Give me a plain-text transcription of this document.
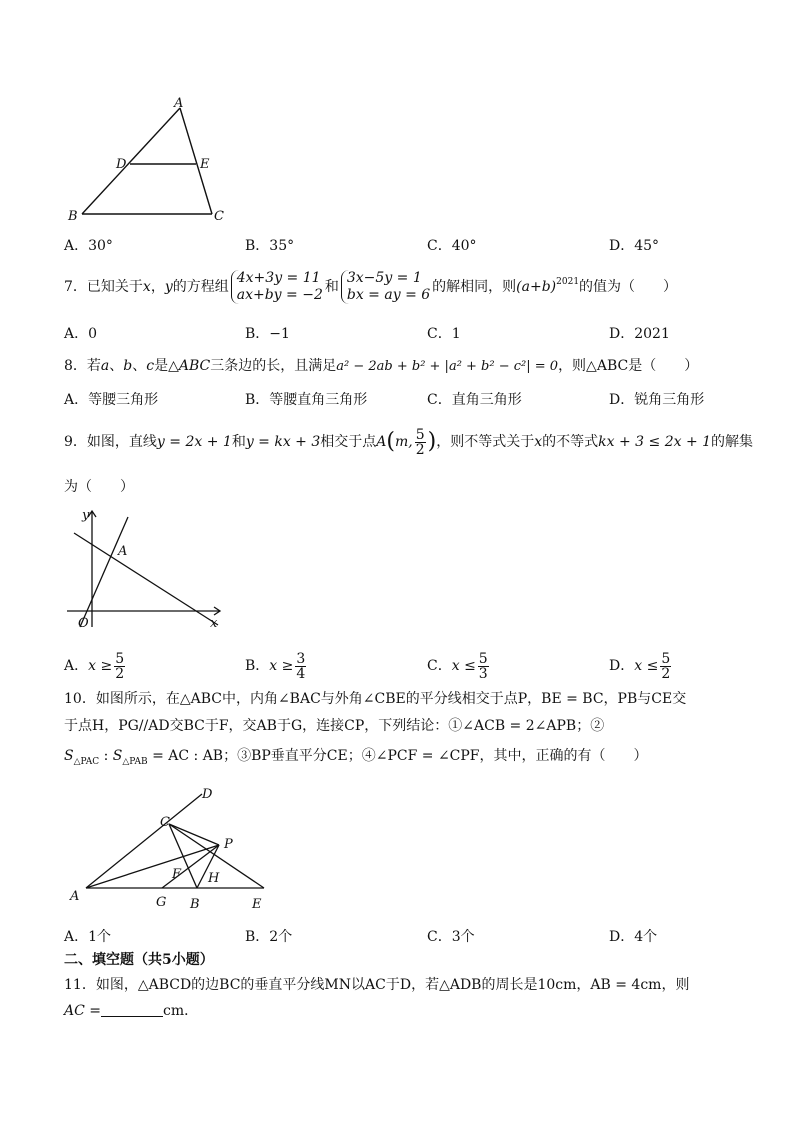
A
D	E
B	C
A．30°	B．35°	C．40°	D．45°
7．已知关于x，y的方程组
4x+3y = 11
ax+by = −2 和
3x−5y = 1
bx = ay = 6 的解相同，则$(a+b)^{2021}$的值为（　　）
A．0	B．−1	C．1	D．2021
8．若a、b、c是△ABC三条边的长，且满足a² − 2ab + b² + |a² + b² − c²| = 0，则△ABC是（　　）
A．等腰三角形	B．等腰直角三角形	C．直角三角形	D．锐角三角形
9．如图，直线y = 2x + 1和y = kx + 3相交于点A(m, $\frac{5}{2}$ )，则不等式关于x的不等式kx + 3 ≤ 2x + 1的解集
为（　　）
y
x
O
A
A．$x \ge \frac{5}{2}$	B．$x \ge \frac{3}{4}$	C．$x \le \frac{5}{3}$	D．$x \le \frac{5}{2}$
10．如图所示，在△ABC中，内角∠BAC与外角∠CBE的平分线相交于点P，BE = BC，PB与CE交
于点H，PG//AD交BC于F，交AB于G，连接CP，下列结论：①∠ACB = 2∠APB；②
$S_{\triangle PAC}$ : $S_{\triangle PAB}$ = AC : AB；③BP垂直平分CE；④∠PCF = ∠CPF，其中，正确的有（　　）
D
C
P
F H
A	G B	E
A．1个	B．2个	C．3个	D．4个
二、填空题（共5小题）
11．如图，△ABCD的边BC的垂直平分线MN以AC于D，若△ADB的周长是10cm，AB = 4cm，则
AC =	cm．
